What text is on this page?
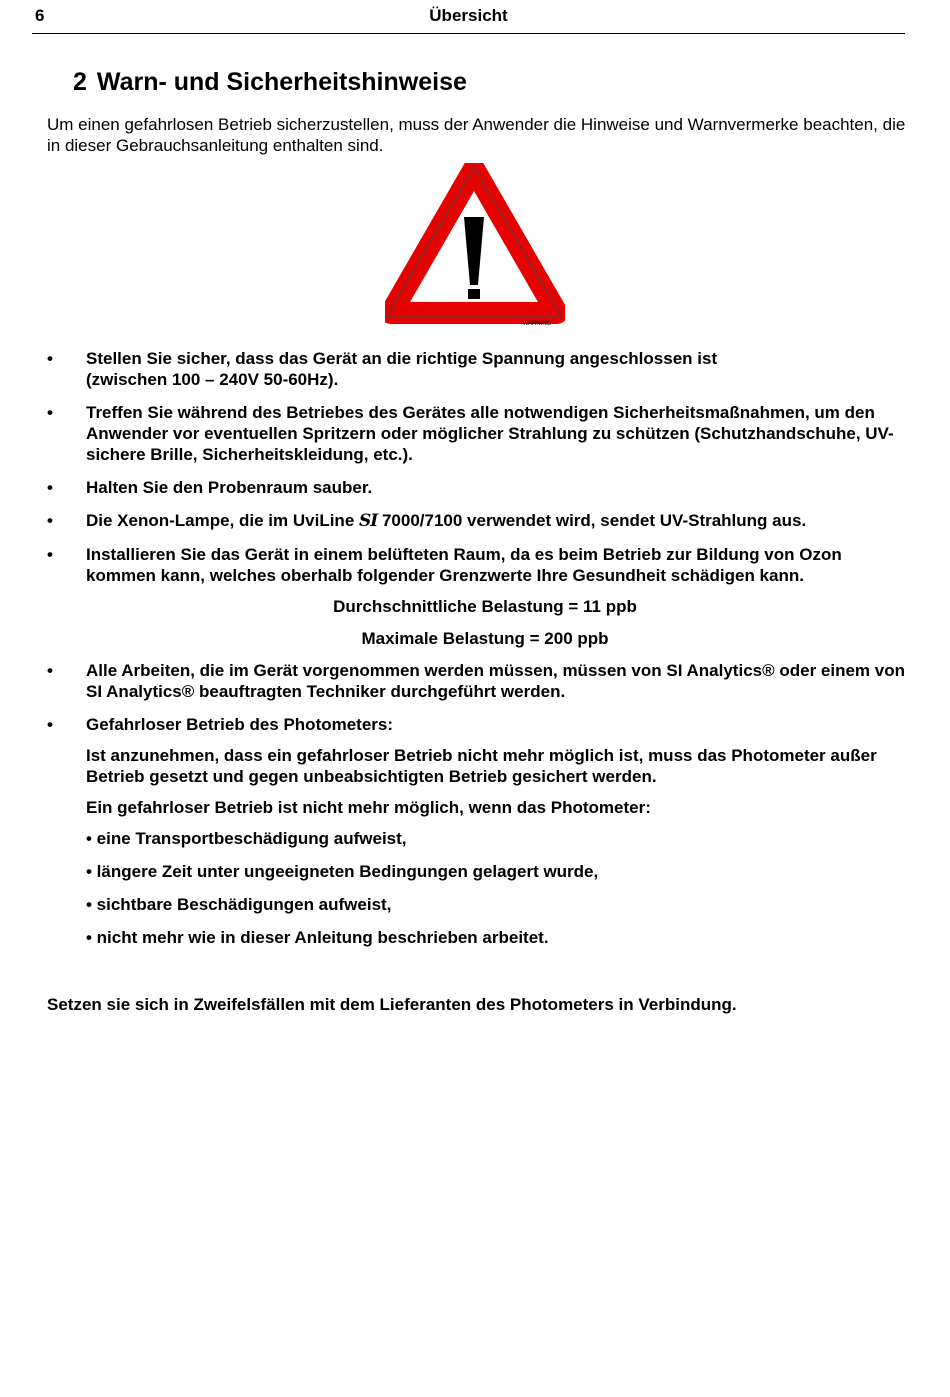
6	Übersicht
2 Warn- und Sicherheitshinweise

Um einen gefahrlosen Betrieb sicherzustellen, muss der Anwender die Hinweise und Warnvermerke beachten, die in dieser Gebrauchsanleitung enthalten sind.

WARNING
• Stellen Sie sicher, dass das Gerät an die richtige Spannung angeschlossen ist
(zwischen 100 – 240V 50-60Hz).
• Treffen Sie während des Betriebes des Gerätes alle notwendigen Sicherheitsmaßnahmen, um den Anwender vor eventuellen Spritzern oder möglicher Strahlung zu schützen (Schutzhandschuhe, UV-sichere Brille, Sicherheitskleidung, etc.).
• Halten Sie den Probenraum sauber.
• Die Xenon-Lampe, die im UviLine SI 7000/7100 verwendet wird, sendet UV-Strahlung aus.
• Installieren Sie das Gerät in einem belüfteten Raum, da es beim Betrieb zur Bildung von Ozon kommen kann, welches oberhalb folgender Grenzwerte Ihre Gesundheit schädigen kann.
Durchschnittliche Belastung = 11 ppb
Maximale Belastung = 200 ppb
• Alle Arbeiten, die im Gerät vorgenommen werden müssen, müssen von SI Analytics® oder einem von SI Analytics® beauftragten Techniker durchgeführt werden.
• Gefahrloser Betrieb des Photometers:
Ist anzunehmen, dass ein gefahrloser Betrieb nicht mehr möglich ist, muss das Photometer außer Betrieb gesetzt und gegen unbeabsichtigten Betrieb gesichert werden.
Ein gefahrloser Betrieb ist nicht mehr möglich, wenn das Photometer:
• eine Transportbeschädigung aufweist,
• längere Zeit unter ungeeigneten Bedingungen gelagert wurde,
• sichtbare Beschädigungen aufweist,
• nicht mehr wie in dieser Anleitung beschrieben arbeitet.

Setzen sie sich in Zweifelsfällen mit dem Lieferanten des Photometers in Verbindung.
